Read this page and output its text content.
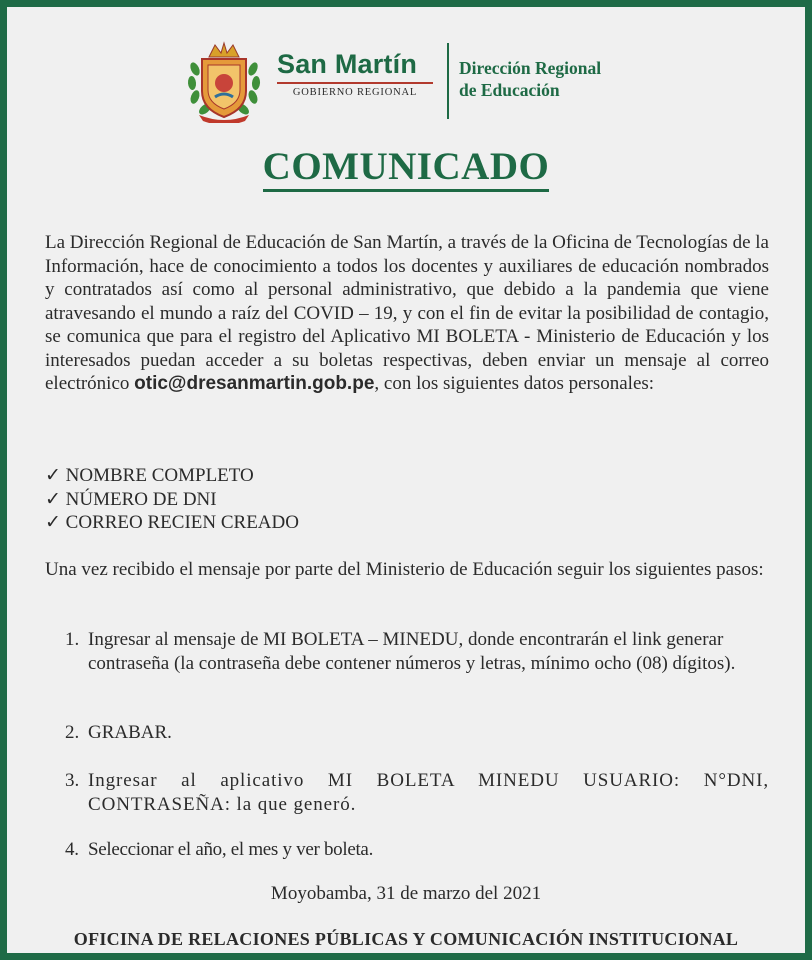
San Martín
GOBIERNO REGIONAL
Dirección Regional
de Educación
COMUNICADO

La Dirección Regional de Educación de San Martín, a través de la Oficina de Tecnologías de la Información, hace de conocimiento a todos los docentes y auxiliares de educación nombrados y contratados así como al personal administrativo, que debido a la pandemia que viene atravesando el mundo a raíz del COVID – 19, y con el fin de evitar la posibilidad de contagio, se comunica que para el registro del Aplicativo MI BOLETA - Ministerio de Educación y los interesados puedan acceder a su boletas respectivas, deben enviar un mensaje al correo electrónico otic@dresanmartin.gob.pe, con los siguientes datos personales:

✓ NOMBRE COMPLETO
✓ NÚMERO DE DNI
✓ CORREO RECIEN CREADO
Una vez recibido el mensaje por parte del Ministerio de Educación seguir los siguientes pasos:
1. Ingresar al mensaje de MI BOLETA – MINEDU, donde encontrarán el link generar contraseña (la contraseña debe contener números y letras, mínimo ocho (08) dígitos).
2. GRABAR.
3. Ingresar al aplicativo MI BOLETA MINEDU USUARIO: N°DNI, CONTRASEÑA: la que generó.
4. Seleccionar el año, el mes y ver boleta.
Moyobamba, 31 de marzo del 2021
OFICINA DE RELACIONES PÚBLICAS Y COMUNICACIÓN INSTITUCIONAL
